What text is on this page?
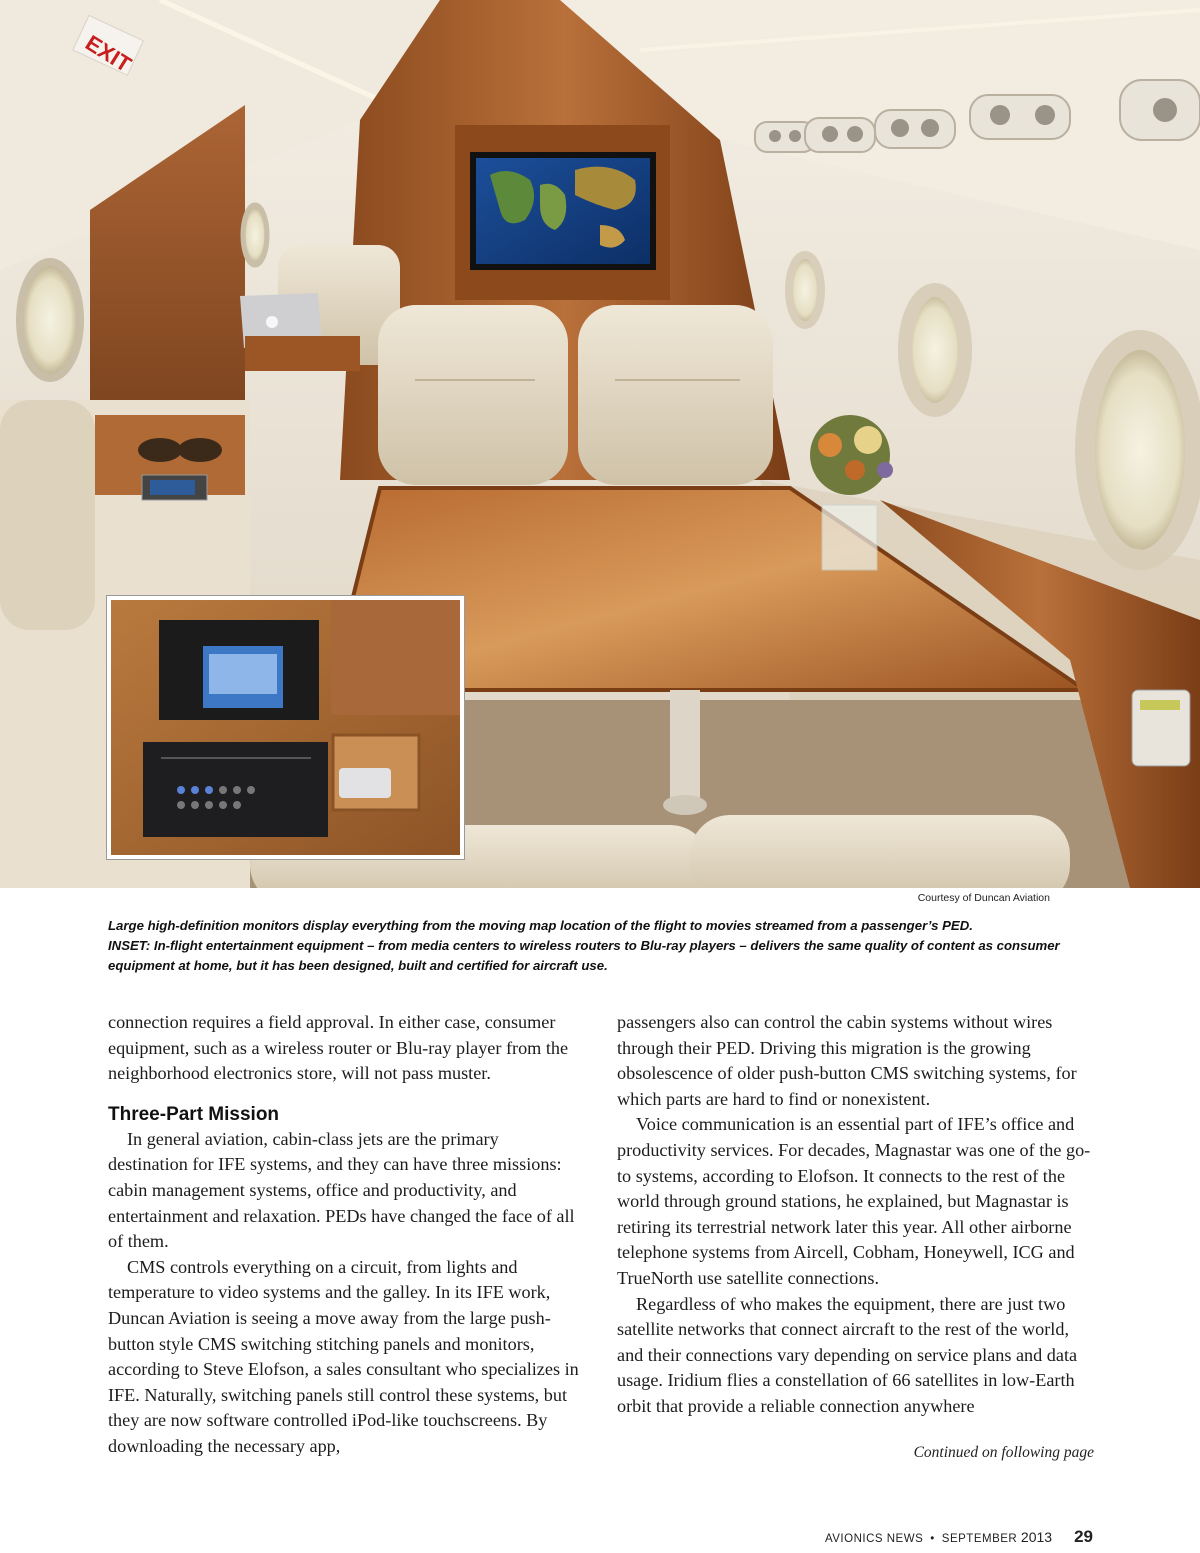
EXIT
Courtesy of Duncan Aviation

Large high-definition monitors display everything from the moving map location of the flight to movies streamed from a passenger’s PED.

INSET: In-flight entertainment equipment – from media centers to wireless routers to Blu-ray players – delivers the same quality of content as consumer equipment at home, but it has been designed, built and certified for aircraft use.

connection requires a field approval. In either case, consumer equipment, such as a wireless router or Blu-ray player from the neighborhood electronics store, will not pass muster.

Three-Part Mission

In general aviation, cabin-class jets are the primary destination for IFE systems, and they can have three missions: cabin management systems, office and productivity, and entertainment and relaxation. PEDs have changed the face of all of them.

CMS controls everything on a circuit, from lights and temperature to video systems and the galley. In its IFE work, Duncan Aviation is seeing a move away from the large push-button style CMS switching stitching panels and monitors, according to Steve Elofson, a sales consultant who specializes in IFE. Naturally, switching panels still control these systems, but they are now software controlled iPod-like touchscreens. By downloading the necessary app,

passengers also can control the cabin systems without wires through their PED. Driving this migration is the growing obsolescence of older push-button CMS switching systems, for which parts are hard to find or nonexistent.

Voice communication is an essential part of IFE’s office and productivity services. For decades, Magnastar was one of the go-to systems, according to Elofson. It connects to the rest of the world through ground stations, he explained, but Magnastar is retiring its terrestrial network later this year. All other airborne telephone systems from Aircell, Cobham, Honeywell, ICG and TrueNorth use satellite connections.

Regardless of who makes the equipment, there are just two satellite networks that connect aircraft to the rest of the world, and their connections vary depending on service plans and data usage. Iridium flies a constellation of 66 satellites in low-Earth orbit that provide a reliable connection anywhere

Continued on following page
AVIONICS NEWS • SEPTEMBER 2013 29
